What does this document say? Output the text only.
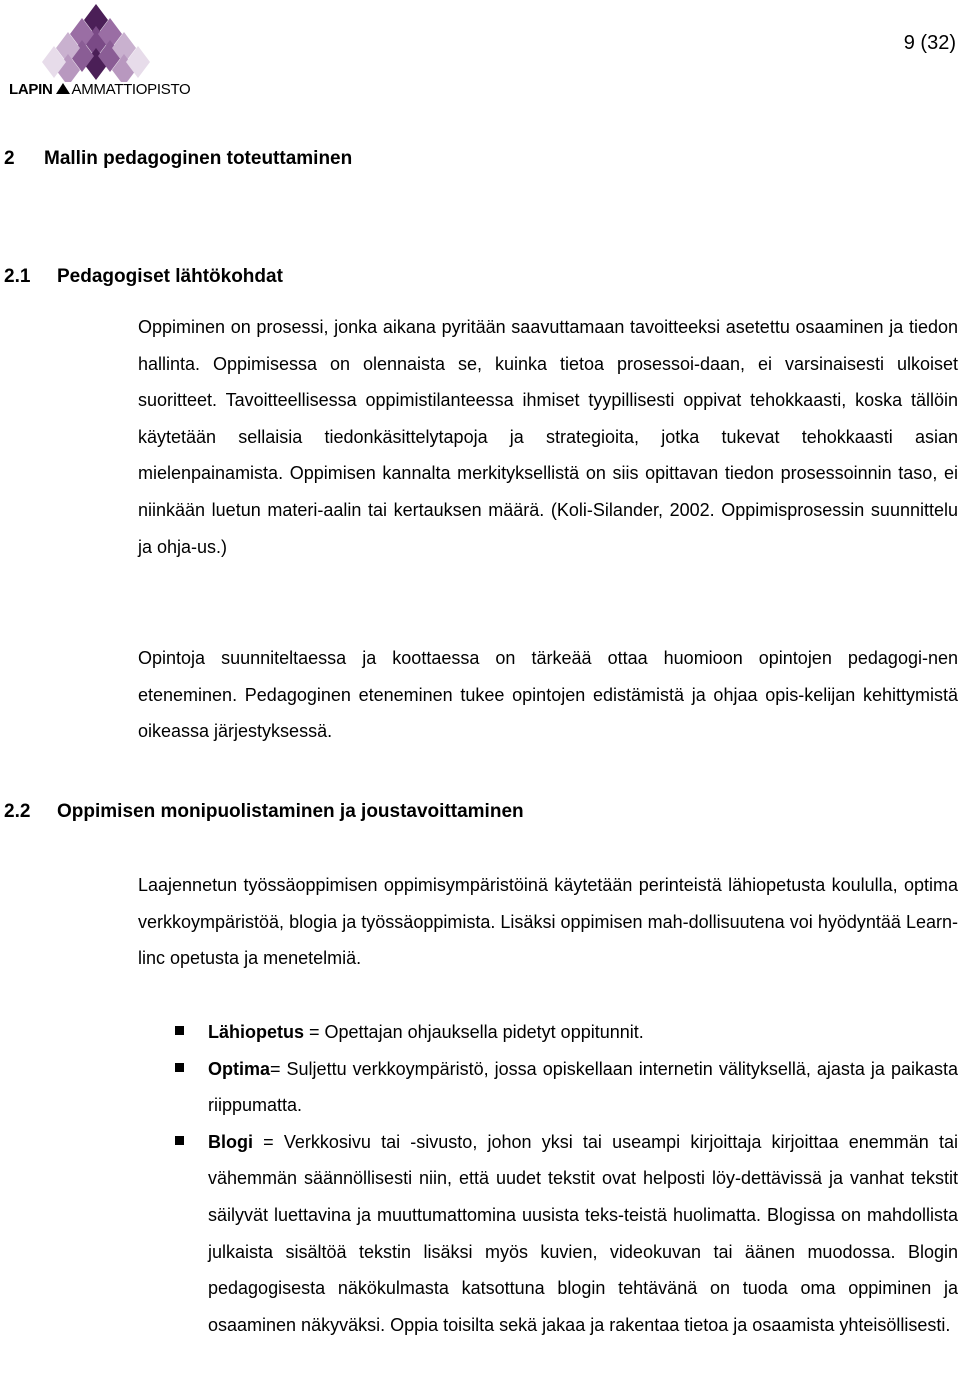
LAPIN AMMATTIOPISTO
9 (32)
2 Mallin pedagoginen toteuttaminen
2.1 Pedagogiset lähtökohdat

Oppiminen on prosessi, jonka aikana pyritään saavuttamaan tavoitteeksi asetettu osaaminen ja tiedon hallinta. Oppimisessa on olennaista se, kuinka tietoa prosessoi-daan, ei varsinaisesti ulkoiset suoritteet. Tavoitteellisessa oppimistilanteessa ihmiset tyypillisesti oppivat tehokkaasti, koska tällöin käytetään sellaisia tiedonkäsittelytapoja ja strategioita, jotka tukevat tehokkaasti asian mielenpainamista. Oppimisen kannalta merkityksellistä on siis opittavan tiedon prosessoinnin taso, ei niinkään luetun materi-aalin tai kertauksen määrä. (Koli-Silander, 2002. Oppimisprosessin suunnittelu ja ohja-us.)

Opintoja suunniteltaessa ja koottaessa on tärkeää ottaa huomioon opintojen pedagogi-nen eteneminen. Pedagoginen eteneminen tukee opintojen edistämistä ja ohjaa opis-kelijan kehittymistä oikeassa järjestyksessä.

2.2 Oppimisen monipuolistaminen ja joustavoittaminen

Laajennetun työssäoppimisen oppimisympäristöinä käytetään perinteistä lähiopetusta koululla, optima verkkoympäristöä, blogia ja työssäoppimista. Lisäksi oppimisen mah-dollisuutena voi hyödyntää Learn-linc opetusta ja menetelmiä.

Lähiopetus = Opettajan ohjauksella pidetyt oppitunnit.
Optima= Suljettu verkkoympäristö, jossa opiskellaan internetin välityksellä, ajasta ja paikasta riippumatta.
Blogi = Verkkosivu tai -sivusto, johon yksi tai useampi kirjoittaja kirjoittaa enemmän tai vähemmän säännöllisesti niin, että uudet tekstit ovat helposti löy-dettävissä ja vanhat tekstit säilyvät luettavina ja muuttumattomina uusista teks-teistä huolimatta. Blogissa on mahdollista julkaista sisältöä tekstin lisäksi myös kuvien, videokuvan tai äänen muodossa. Blogin pedagogisesta näkökulmasta katsottuna blogin tehtävänä on tuoda oma oppiminen ja osaaminen näkyväksi. Oppia toisilta sekä jakaa ja rakentaa tietoa ja osaamista yhteisöllisesti.
